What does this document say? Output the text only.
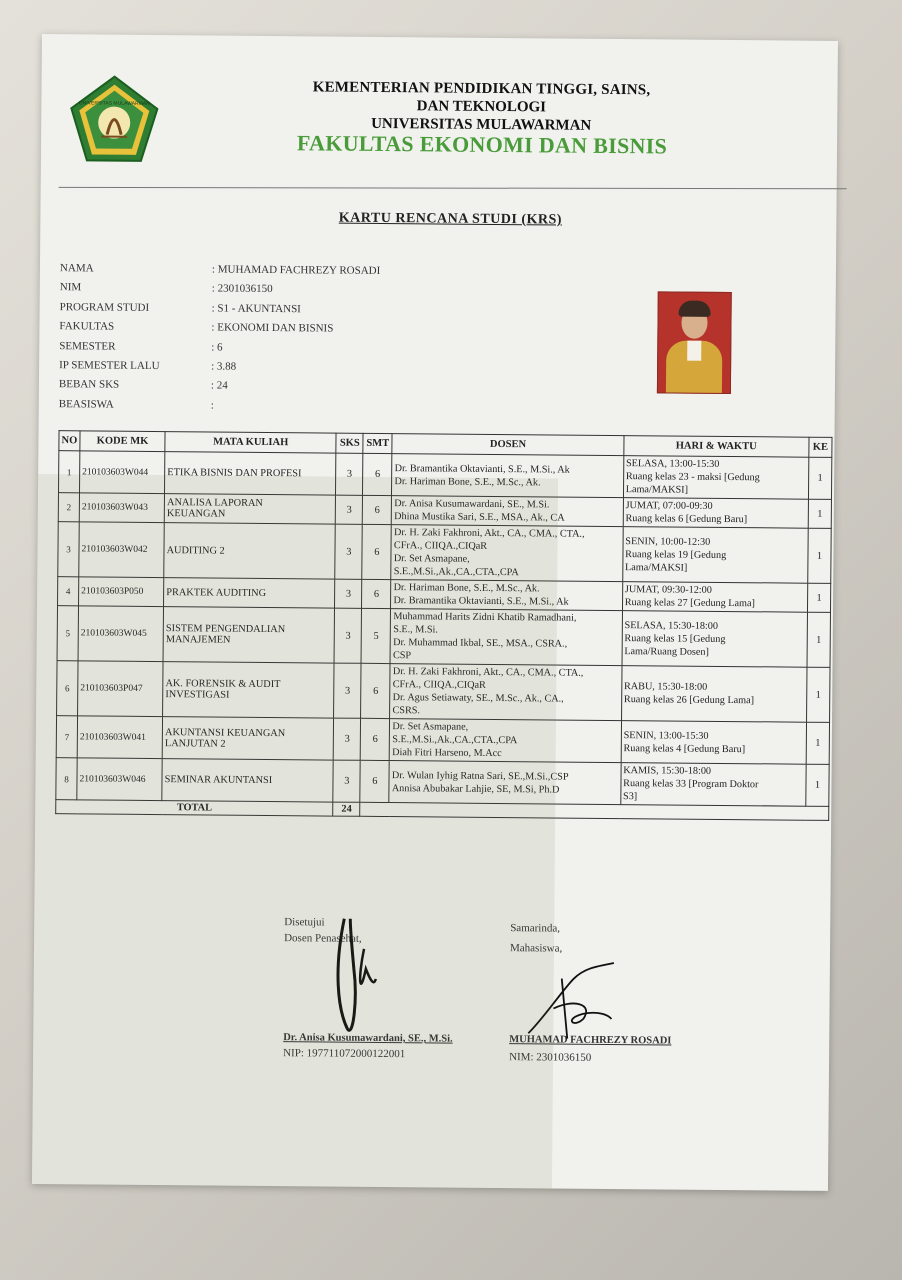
UNIVERSITAS MULAWARMAN
KEMENTERIAN PENDIDIKAN TINGGI, SAINS,
DAN TEKNOLOGI
UNIVERSITAS MULAWARMAN
FAKULTAS EKONOMI DAN BISNIS
KARTU RENCANA STUDI (KRS)
NAMA	: MUHAMAD FACHREZY ROSADI
NIM	: 2301036150
PROGRAM STUDI	: S1 - AKUNTANSI
FAKULTAS	: EKONOMI DAN BISNIS
SEMESTER	: 6
IP SEMESTER LALU	: 3.88
BEBAN SKS	: 24
BEASISWA	:
NO	KODE MK	MATA KULIAH	SKS	SMT	DOSEN	HARI & WAKTU	KE
1	210103603W044	ETIKA BISNIS DAN PROFESI	3	6	Dr. Bramantika Oktavianti, S.E., M.Si., Ak
Dr. Hariman Bone, S.E., M.Sc., Ak.	SELASA, 13:00-15:30
Ruang kelas 23 - maksi [Gedung
Lama/MAKSI]	1
2	210103603W043	ANALISA LAPORAN
KEUANGAN	3	6	Dr. Anisa Kusumawardani, SE., M.Si.
Dhina Mustika Sari, S.E., MSA., Ak., CA	JUMAT, 07:00-09:30
Ruang kelas 6 [Gedung Baru]	1
3	210103603W042	AUDITING 2	3	6	Dr. H. Zaki Fakhroni, Akt., CA., CMA., CTA.,
CFrA., CIIQA.,CIQaR
Dr. Set Asmapane,
S.E.,M.Si.,Ak.,CA.,CTA.,CPA	SENIN, 10:00-12:30
Ruang kelas 19 [Gedung
Lama/MAKSI]	1
4	210103603P050	PRAKTEK AUDITING	3	6	Dr. Hariman Bone, S.E., M.Sc., Ak.
Dr. Bramantika Oktavianti, S.E., M.Si., Ak	JUMAT, 09:30-12:00
Ruang kelas 27 [Gedung Lama]	1
5	210103603W045	SISTEM PENGENDALIAN
MANAJEMEN	3	5	Muhammad Harits Zidni Khatib Ramadhani,
S.E., M.Si.
Dr. Muhammad Ikbal, SE., MSA., CSRA.,
CSP	SELASA, 15:30-18:00
Ruang kelas 15 [Gedung
Lama/Ruang Dosen]	1
6	210103603P047	AK. FORENSIK & AUDIT
INVESTIGASI	3	6	Dr. H. Zaki Fakhroni, Akt., CA., CMA., CTA.,
CFrA., CIIQA.,CIQaR
Dr. Agus Setiawaty, SE., M.Sc., Ak., CA.,
CSRS.	RABU, 15:30-18:00
Ruang kelas 26 [Gedung Lama]	1
7	210103603W041	AKUNTANSI KEUANGAN
LANJUTAN 2	3	6	Dr. Set Asmapane,
S.E.,M.Si.,Ak.,CA.,CTA.,CPA
Diah Fitri Harseno, M.Acc	SENIN, 13:00-15:30
Ruang kelas 4 [Gedung Baru]	1
8	210103603W046	SEMINAR AKUNTANSI	3	6	Dr. Wulan Iyhig Ratna Sari, SE.,M.Si.,CSP
Annisa Abubakar Lahjie, SE, M.Si, Ph.D	KAMIS, 15:30-18:00
Ruang kelas 33 [Program Doktor
S3]	1
TOTAL			24				
Disetujui
Dosen Penasehat,
Dr. Anisa Kusumawardani, SE., M.Si.
NIP: 197711072000122001
Samarinda,
Mahasiswa,
MUHAMAD FACHREZY ROSADI
NIM: 2301036150
